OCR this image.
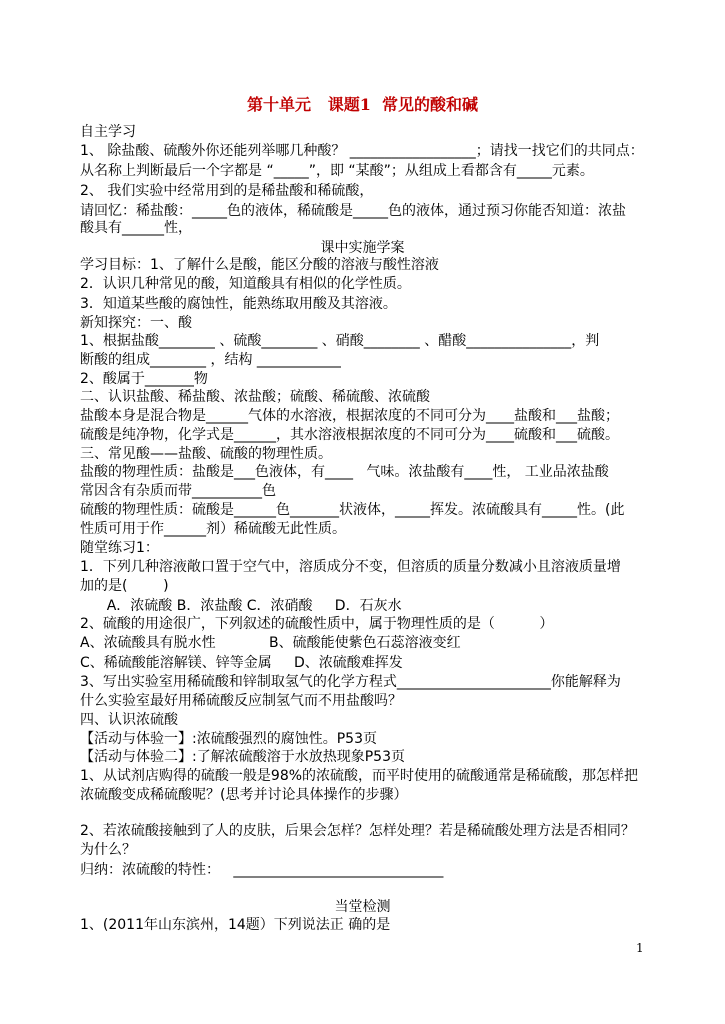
第十单元   课题1  常见的酸和碱
自主学习
1、 除盐酸、硫酸外你还能列举哪几种酸？ __________________；请找一找它们的共同点：
从名称上判断最后一个字都是 “_____”，即 “某酸”；从组成上看都含有_____元素。
2、 我们实验中经常用到的是稀盐酸和稀硫酸，
请回忆：稀盐酸：_____色的液体，稀硫酸是_____色的液体，通过预习你能否知道：浓盐
酸具有______性，
课中实施学案
学习目标：1、了解什么是酸，能区分酸的溶液与酸性溶液
2．认识几种常见的酸，知道酸具有相似的化学性质。
3．知道某些酸的腐蚀性，能熟练取用酸及其溶液。
新知探究：一、酸
1、根据盐酸________ 、硫酸________ 、硝酸________ 、醋酸_______________，判
断酸的组成________ ，结构 ____________
2、酸属于_______物
二、认识盐酸、稀盐酸、浓盐酸；硫酸、稀硫酸、浓硫酸
盐酸本身是混合物是______气体的水溶液，根据浓度的不同可分为____盐酸和___盐酸；
硫酸是纯净物，化学式是______，其水溶液根据浓度的不同可分为____硫酸和___硫酸。
三、常见酸——盐酸、硫酸的物理性质。
盐酸的物理性质：盐酸是___色液体，有____   气味。浓盐酸有____性， 工业品浓盐酸
常因含有杂质而带__________色
硫酸的物理性质：硫酸是______色_______状液体，_____挥发。浓硫酸具有_____性。(此
性质可用于作______剂）稀硫酸无此性质。
随堂练习1：
1．下列几种溶液敞口置于空气中，溶质成分不变，但溶质的质量分数减小且溶液质量增
加的是(        )
A．浓硫酸 B．浓盐酸 C．浓硝酸     D．石灰水
2、硫酸的用途很广，下列叙述的硫酸性质中，属于物理性质的是（          ）
A、浓硫酸具有脱水性            B、硫酸能使紫色石蕊溶液变红
C、稀硫酸能溶解镁、锌等金属     D、浓硫酸难挥发
3、写出实验室用稀硫酸和锌制取氢气的化学方程式______________________你能解释为
什么实验室最好用稀硫酸反应制氢气而不用盐酸吗？
四、认识浓硫酸
【活动与体验一】:浓硫酸强烈的腐蚀性。P53页
【活动与体验二】:了解浓硫酸溶于水放热现象P53页
1、从试剂店购得的硫酸一般是98%的浓硫酸，而平时使用的硫酸通常是稀硫酸，那怎样把
浓硫酸变成稀硫酸呢？(思考并讨论具体操作的步骤）
2、若浓硫酸接触到了人的皮肤，后果会怎样？怎样处理？若是稀硫酸处理方法是否相同？
为什么？
归纳：浓硫酸的特性：   ______________________________
当堂检测
1、(2011年山东滨州，14题）下列说法正 确的是
1
